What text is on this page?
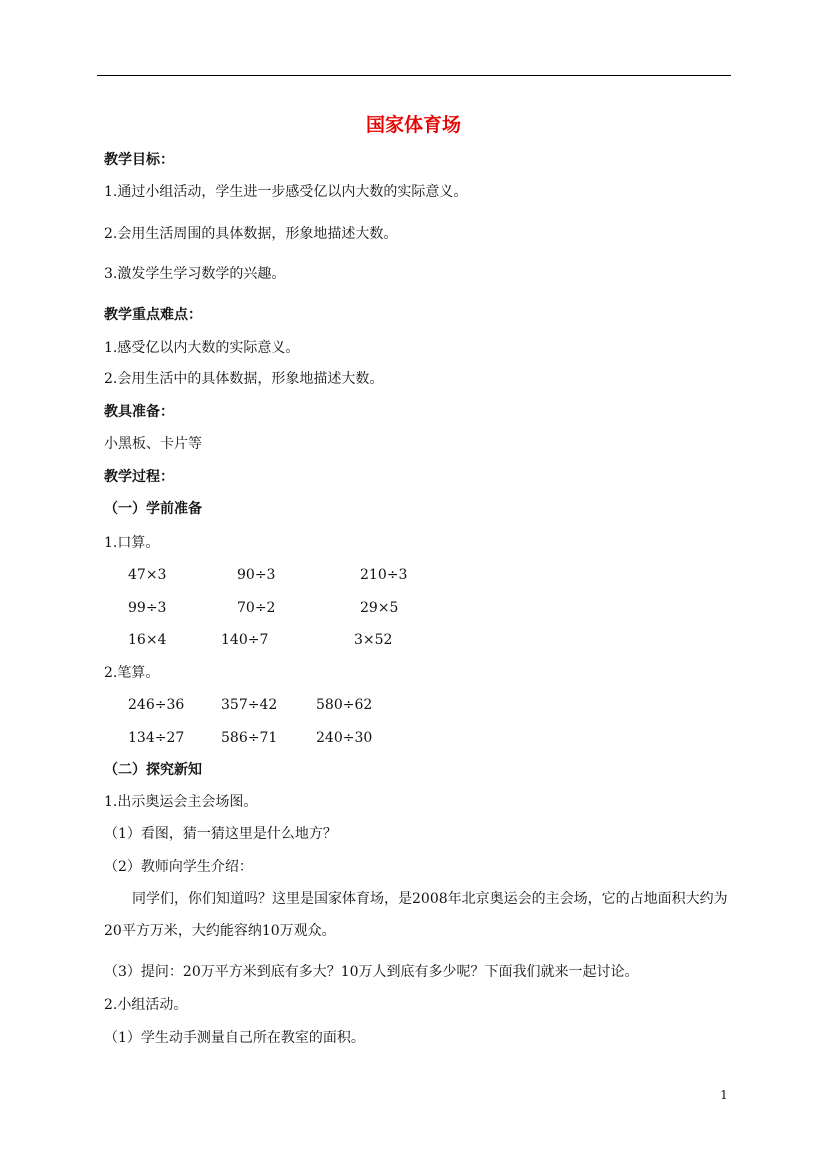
国家体育场
教学目标：
1.通过小组活动，学生进一步感受亿以内大数的实际意义。
2.会用生活周围的具体数据，形象地描述大数。
3.激发学生学习数学的兴趣。
教学重点难点：
1.感受亿以内大数的实际意义。
2.会用生活中的具体数据，形象地描述大数。
教具准备：
小黑板、卡片等
教学过程：
（一）学前准备
1.口算。
47×3	90÷3	210÷3
99÷3	70÷2	29×5
16×4	140÷7	3×52
2.笔算。
246÷36	357÷42	580÷62
134÷27	586÷71	240÷30
（二）探究新知
1.出示奥运会主会场图。
（1）看图，猜一猜这里是什么地方？
（2）教师向学生介绍：
同学们，你们知道吗？这里是国家体育场，是2008年北京奥运会的主会场，它的占地面积大约为20平方万米，大约能容纳10万观众。
（3）提问：20万平方米到底有多大？10万人到底有多少呢？下面我们就来一起讨论。
2.小组活动。
（1）学生动手测量自己所在教室的面积。
1
